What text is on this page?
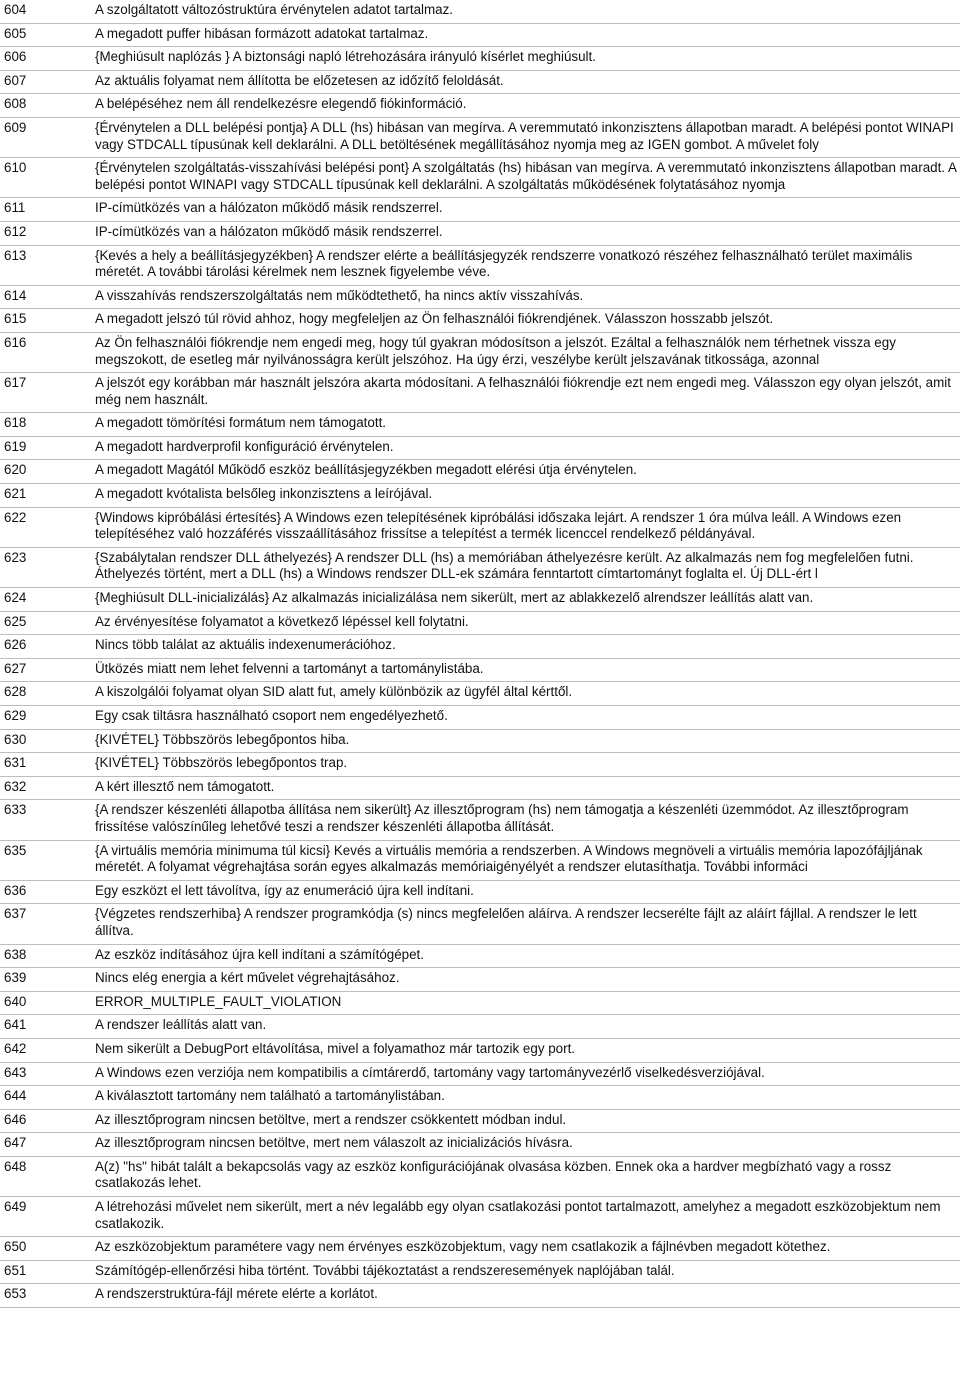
604	A szolgáltatott változóstruktúra érvénytelen adatot tartalmaz.
605	A megadott puffer hibásan formázott adatokat tartalmaz.
606	{Meghiúsult naplózás } A biztonsági napló létrehozására irányuló kísérlet meghiúsult.
607	Az aktuális folyamat nem állította be előzetesen az időzítő feloldását.
608	A belépéséhez nem áll rendelkezésre elegendő fiókinformáció.
609	{Érvénytelen a DLL belépési pontja} A DLL (hs) hibásan van megírva. A veremmutató inkonzisztens állapotban maradt. A belépési pontot WINAPI vagy STDCALL típusúnak kell deklarálni. A DLL betöltésének megállításához nyomja meg az IGEN gombot. A művelet foly
610	{Érvénytelen szolgáltatás-visszahívási belépési pont} A szolgáltatás (hs) hibásan van megírva. A veremmutató inkonzisztens állapotban maradt. A belépési pontot WINAPI vagy STDCALL típusúnak kell deklarálni. A szolgáltatás működésének folytatásához nyomja
611	IP-címütközés van a hálózaton működő másik rendszerrel.
612	IP-címütközés van a hálózaton működő másik rendszerrel.
613	{Kevés a hely a beállításjegyzékben} A rendszer elérte a beállításjegyzék rendszerre vonatkozó részéhez felhasználható terület maximális méretét. A további tárolási kérelmek nem lesznek figyelembe véve.
614	A visszahívás rendszerszolgáltatás nem működtethető, ha nincs aktív visszahívás.
615	A megadott jelszó túl rövid ahhoz, hogy megfeleljen az Ön felhasználói fiókrendjének. Válasszon hosszabb jelszót.
616	Az Ön felhasználói fiókrendje nem engedi meg, hogy túl gyakran módosítson a jelszót. Ezáltal a felhasználók nem térhetnek vissza egy megszokott, de esetleg már nyilvánosságra került jelszóhoz. Ha úgy érzi, veszélybe került jelszavának titkossága, azonnal
617	A jelszót egy korábban már használt jelszóra akarta módosítani. A felhasználói fiókrendje ezt nem engedi meg. Válasszon egy olyan jelszót, amit még nem használt.
618	A megadott tömörítési formátum nem támogatott.
619	A megadott hardverprofil konfiguráció érvénytelen.
620	A megadott Magától Működő eszköz beállításjegyzékben megadott elérési útja érvénytelen.
621	A megadott kvótalista belsőleg inkonzisztens a leírójával.
622	{Windows kipróbálási értesítés} A Windows ezen telepítésének kipróbálási időszaka lejárt. A rendszer 1 óra múlva leáll. A Windows ezen telepítéséhez való hozzáférés visszaállításához frissítse a telepítést a termék licenccel rendelkező példányával.
623	{Szabálytalan rendszer DLL áthelyezés} A rendszer DLL (hs) a memóriában áthelyezésre került. Az alkalmazás nem fog megfelelően futni. Áthelyezés történt, mert a DLL (hs) a Windows rendszer DLL-ek számára fenntartott címtartományt foglalta el. Új DLL-ért l
624	{Meghiúsult DLL-inicializálás} Az alkalmazás inicializálása nem sikerült, mert az ablakkezelő alrendszer leállítás alatt van.
625	Az érvényesítése folyamatot a következő lépéssel kell folytatni.
626	Nincs több találat az aktuális indexenumerációhoz.
627	Ütközés miatt nem lehet felvenni a tartományt a tartománylistába.
628	A kiszolgálói folyamat olyan SID alatt fut, amely különbözik az ügyfél által kérttől.
629	Egy csak tiltásra használható csoport nem engedélyezhető.
630	{KIVÉTEL} Többszörös lebegőpontos hiba.
631	{KIVÉTEL} Többszörös lebegőpontos trap.
632	A kért illesztő nem támogatott.
633	{A rendszer készenléti állapotba állítása nem sikerült} Az illesztőprogram (hs) nem támogatja a készenléti üzemmódot. Az illesztőprogram frissítése valószínűleg lehetővé teszi a rendszer készenléti állapotba állítását.
635	{A virtuális memória minimuma túl kicsi} Kevés a virtuális memória a rendszerben. A Windows megnöveli a virtuális memória lapozófájljának méretét. A folyamat végrehajtása során egyes alkalmazás memóriaigényélyét a rendszer elutasíthatja. További informáci
636	Egy eszközt el lett távolítva, így az enumeráció újra kell indítani.
637	{Végzetes rendszerhiba} A rendszer programkódja (s) nincs megfelelően aláírva. A rendszer lecserélte fájlt az aláírt fájllal. A rendszer le lett állítva.
638	Az eszköz indításához újra kell indítani a számítógépet.
639	Nincs elég energia a kért művelet végrehajtásához.
640	ERROR_MULTIPLE_FAULT_VIOLATION
641	A rendszer leállítás alatt van.
642	Nem sikerült a DebugPort eltávolítása, mivel a folyamathoz már tartozik egy port.
643	A Windows ezen verziója nem kompatibilis a címtárerdő, tartomány vagy tartományvezérlő viselkedésverziójával.
644	A kiválasztott tartomány nem található a tartománylistában.
646	Az illesztőprogram nincsen betöltve, mert a rendszer csökkentett módban indul.
647	Az illesztőprogram nincsen betöltve, mert nem válaszolt az inicializációs hívásra.
648	A(z) "hs" hibát talált a bekapcsolás vagy az eszköz konfigurációjának olvasása közben. Ennek oka a hardver megbízható vagy a rossz csatlakozás lehet.
649	A létrehozási művelet nem sikerült, mert a név legalább egy olyan csatlakozási pontot tartalmazott, amelyhez a megadott eszközobjektum nem csatlakozik.
650	Az eszközobjektum paramétere vagy nem érvényes eszközobjektum, vagy nem csatlakozik a fájlnévben megadott kötethez.
651	Számítógép-ellenőrzési hiba történt. További tájékoztatást a rendszeresemények naplójában talál.
653	A rendszerstruktúra-fájl mérete elérte a korlátot.
